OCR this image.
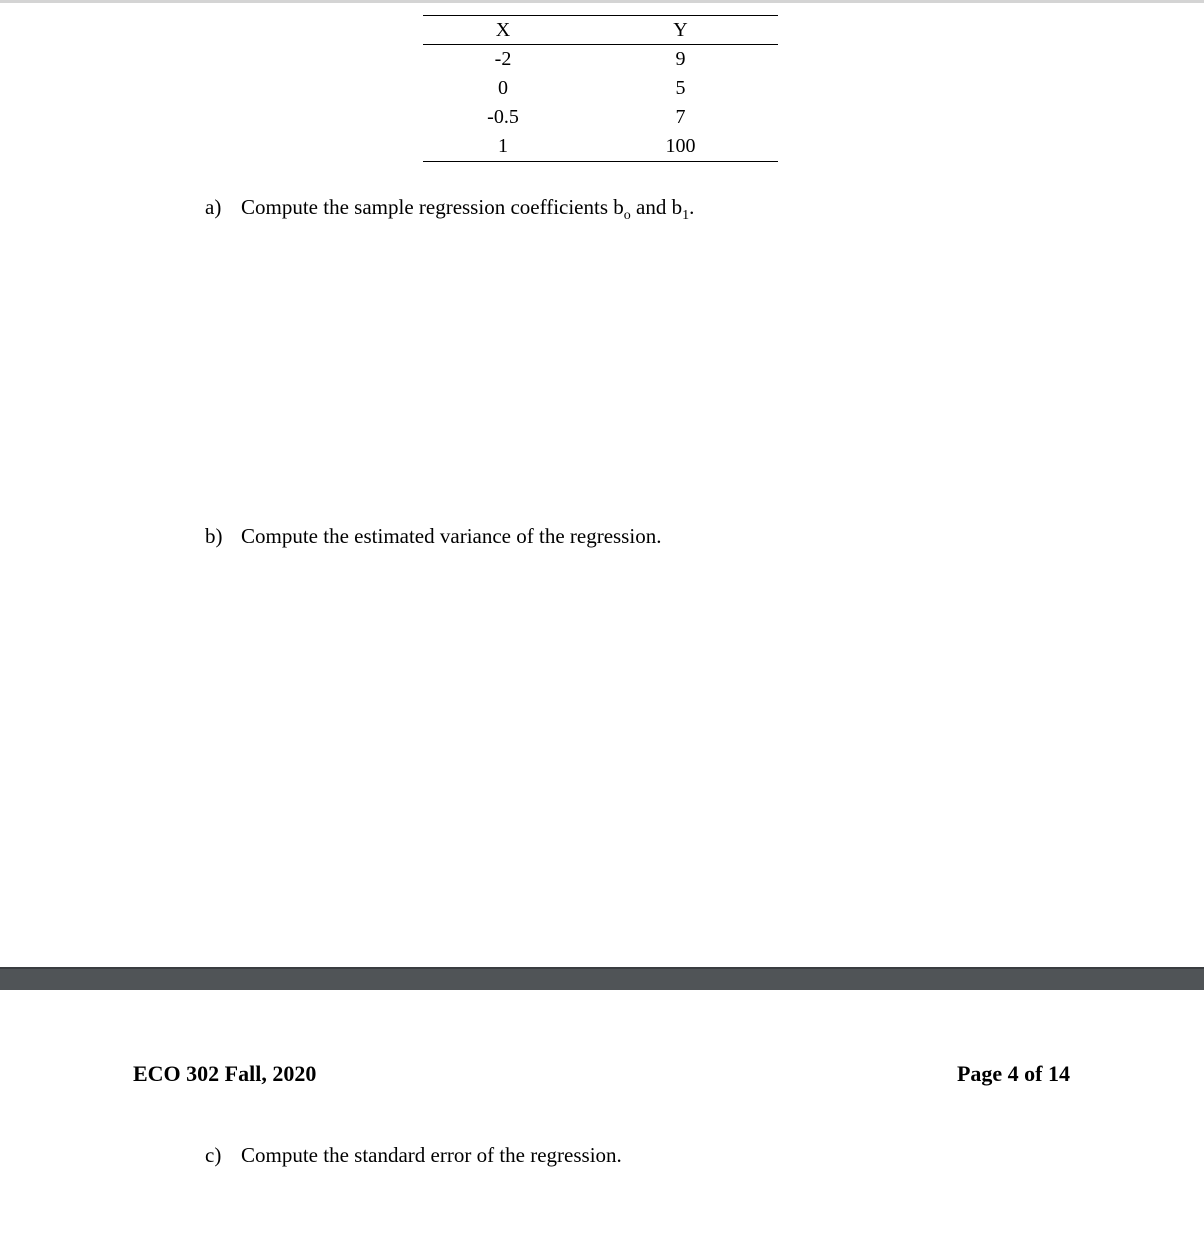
X	Y
-2	9
0	5
-0.5	7
1	100
a) Compute the sample regression coefficients $b_o$ and $b_1$.
b) Compute the estimated variance of the regression.
ECO 302 Fall, 2020	Page 4 of 14
c) Compute the standard error of the regression.
